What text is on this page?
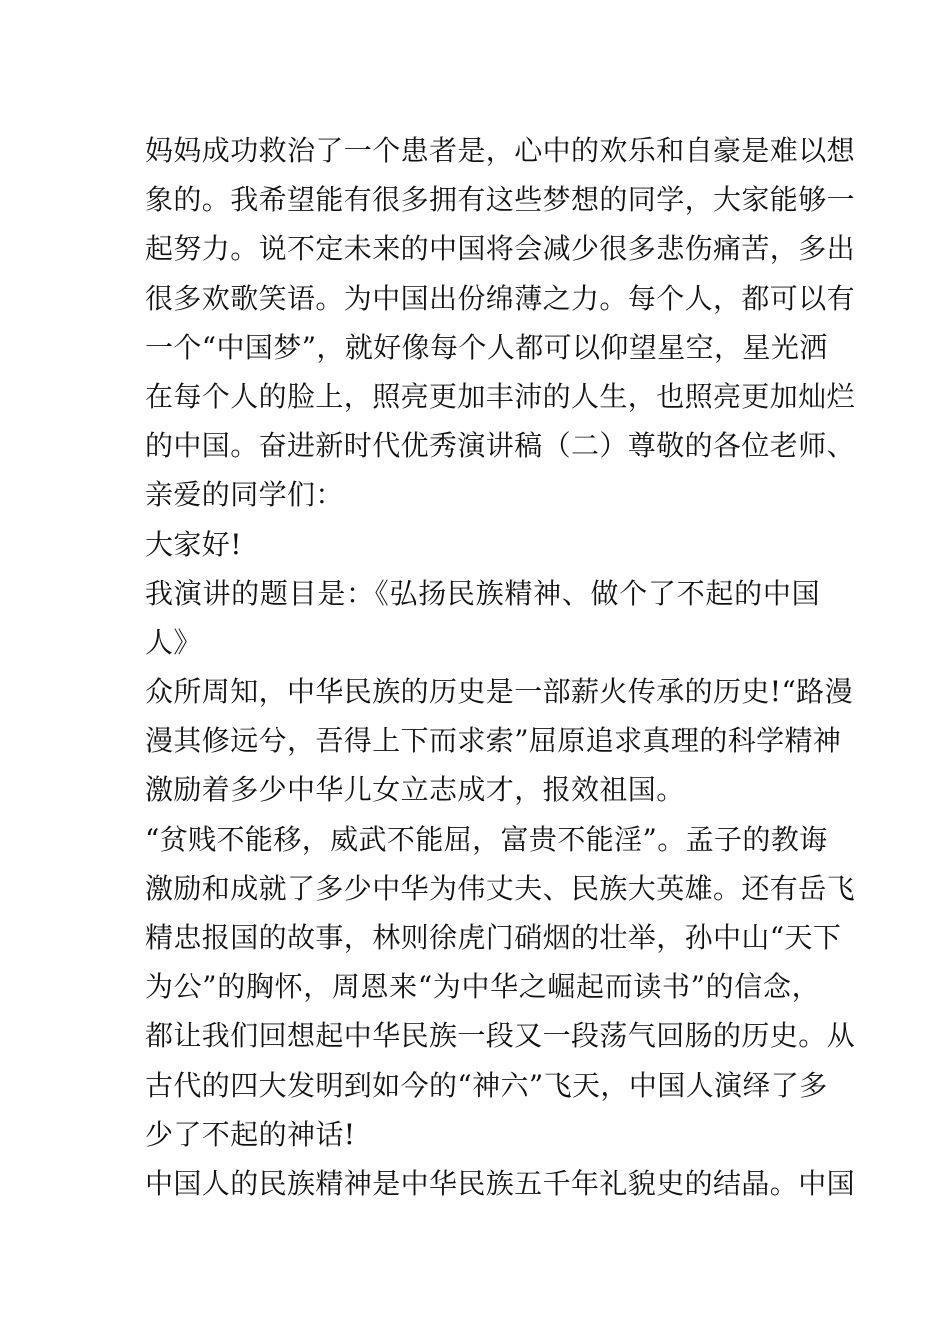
妈妈成功救治了一个患者是，心中的欢乐和自豪是难以想
象的。我希望能有很多拥有这些梦想的同学，大家能够一
起努力。说不定未来的中国将会减少很多悲伤痛苦，多出
很多欢歌笑语。为中国出份绵薄之力。每个人，都可以有
一个“中国梦”，就好像每个人都可以仰望星空，星光洒
在每个人的脸上，照亮更加丰沛的人生，也照亮更加灿烂
的中国。奋进新时代优秀演讲稿（二）尊敬的各位老师、
亲爱的同学们：
大家好!
我演讲的题目是：《弘扬民族精神、做个了不起的中国
人》
众所周知，中华民族的历史是一部薪火传承的历史!“路漫
漫其修远兮，吾得上下而求索”屈原追求真理的科学精神
激励着多少中华儿女立志成才，报效祖国。
“贫贱不能移，威武不能屈，富贵不能淫”。孟子的教诲
激励和成就了多少中华为伟丈夫、民族大英雄。还有岳飞
精忠报国的故事，林则徐虎门硝烟的壮举，孙中山“天下
为公”的胸怀，周恩来“为中华之崛起而读书”的信念，
都让我们回想起中华民族一段又一段荡气回肠的历史。从
古代的四大发明到如今的“神六”飞天，中国人演绎了多
少了不起的神话!
中国人的民族精神是中华民族五千年礼貌史的结晶。中国
